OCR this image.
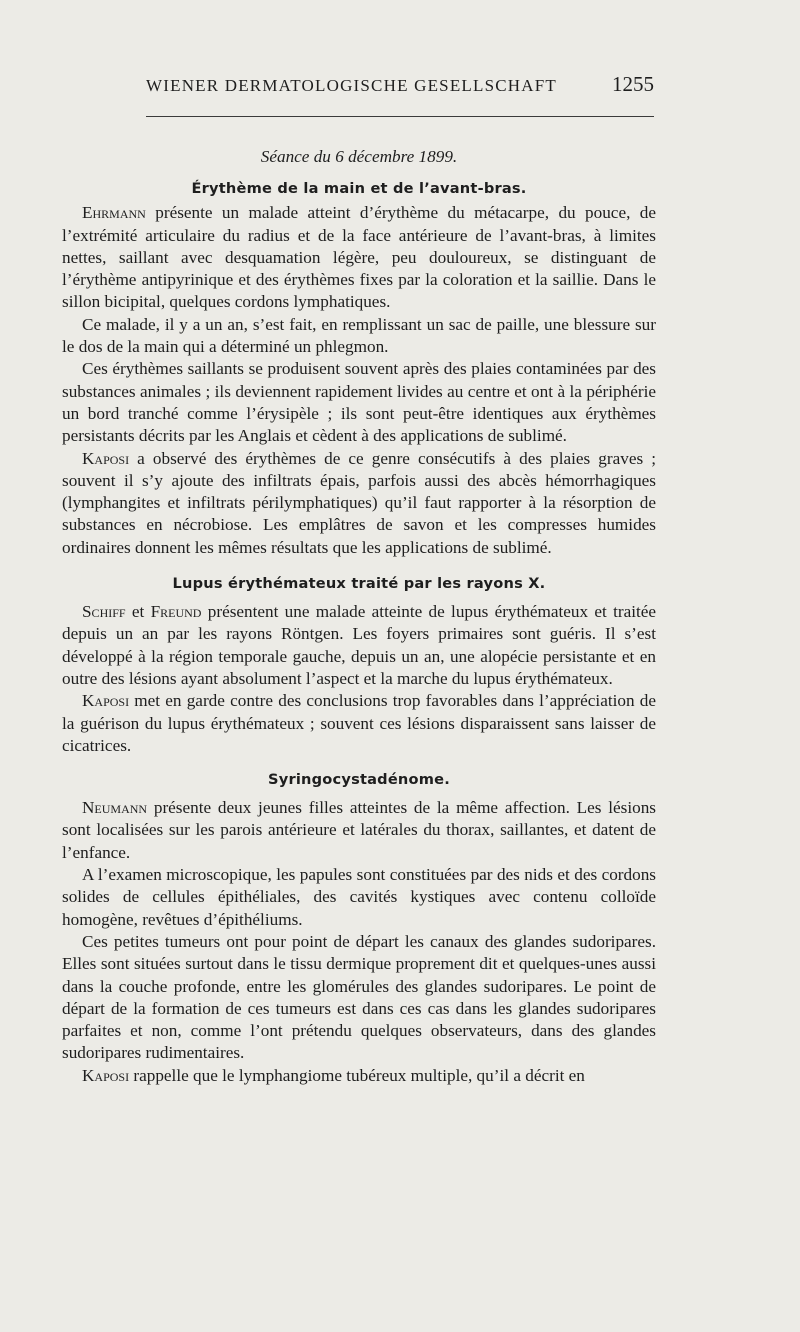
WIENER DERMATOLOGISCHE GESELLSCHAFT	1255
Séance du 6 décembre 1899.
Érythème de la main et de l’avant-bras.

Ehrmann présente un malade atteint d’érythème du métacarpe, du pouce, de l’extrémité articulaire du radius et de la face antérieure de l’avant-bras, à limites nettes, saillant avec desquamation légère, peu douloureux, se distinguant de l’érythème antipyrinique et des érythèmes fixes par la coloration et la saillie. Dans le sillon bicipital, quelques cordons lymphatiques.

Ce malade, il y a un an, s’est fait, en remplissant un sac de paille, une blessure sur le dos de la main qui a déterminé un phlegmon.

Ces érythèmes saillants se produisent souvent après des plaies contaminées par des substances animales ; ils deviennent rapidement livides au centre et ont à la périphérie un bord tranché comme l’érysipèle ; ils sont peut-être identiques aux érythèmes persistants décrits par les Anglais et cèdent à des applications de sublimé.

Kaposi a observé des érythèmes de ce genre consécutifs à des plaies graves ; souvent il s’y ajoute des infiltrats épais, parfois aussi des abcès hémorrhagiques (lymphangites et infiltrats périlymphatiques) qu’il faut rapporter à la résorption de substances en nécrobiose. Les emplâtres de savon et les compresses humides ordinaires donnent les mêmes résultats que les applications de sublimé.

Lupus érythémateux traité par les rayons X.

Schiff et Freund présentent une malade atteinte de lupus érythémateux et traitée depuis un an par les rayons Röntgen. Les foyers primaires sont guéris. Il s’est développé à la région temporale gauche, depuis un an, une alopécie persistante et en outre des lésions ayant absolument l’aspect et la marche du lupus érythémateux.

Kaposi met en garde contre des conclusions trop favorables dans l’appréciation de la guérison du lupus érythémateux ; souvent ces lésions disparaissent sans laisser de cicatrices.

Syringocystadénome.

Neumann présente deux jeunes filles atteintes de la même affection. Les lésions sont localisées sur les parois antérieure et latérales du thorax, saillantes, et datent de l’enfance.

A l’examen microscopique, les papules sont constituées par des nids et des cordons solides de cellules épithéliales, des cavités kystiques avec contenu colloïde homogène, revêtues d’épithéliums.

Ces petites tumeurs ont pour point de départ les canaux des glandes sudoripares. Elles sont situées surtout dans le tissu dermique proprement dit et quelques-unes aussi dans la couche profonde, entre les glomérules des glandes sudoripares. Le point de départ de la formation de ces tumeurs est dans ces cas dans les glandes sudoripares parfaites et non, comme l’ont prétendu quelques observateurs, dans des glandes sudoripares rudimentaires.

Kaposi rappelle que le lymphangiome tubéreux multiple, qu’il a décrit en
